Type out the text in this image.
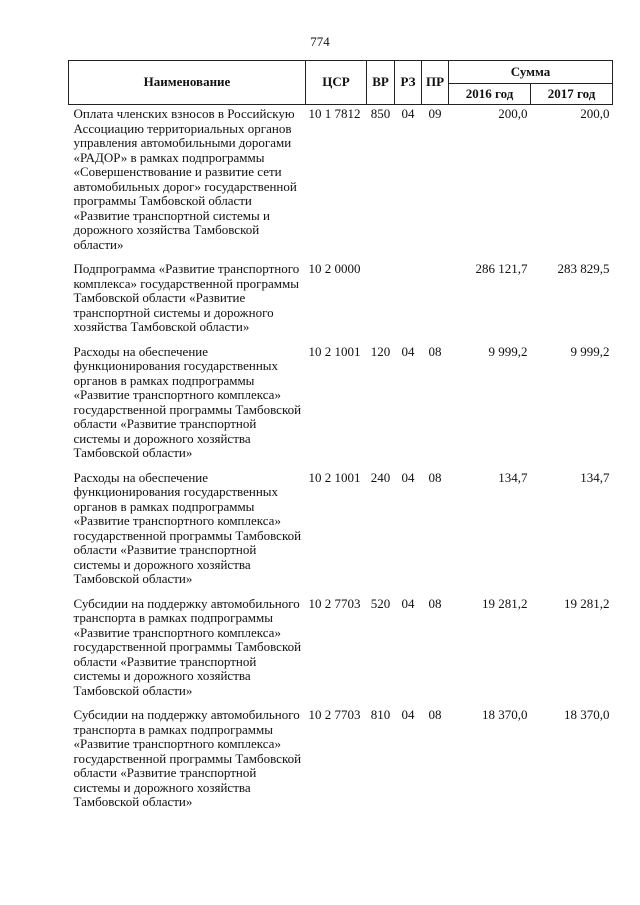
774
Наименование	ЦСР	ВР	РЗ	ПР	Сумма	
					2016 год	2017 год
Оплата членских взносов в Российскую Ассоциацию территориальных органов управления автомобильными дорогами «РАДОР» в рамках подпрограммы «Совершенствование и развитие сети автомобильных дорог» государственной программы Тамбовской области «Развитие транспортной системы и дорожного хозяйства Тамбовской области»	10 1 7812	850	04	09	200,0	200,0
Подпрограмма «Развитие транспортного комплекса» государственной программы Тамбовской области «Развитие транспортной системы и дорожного хозяйства Тамбовской области»	10 2 0000				286 121,7	283 829,5
Расходы на обеспечение функционирования государственных органов в рамках подпрограммы «Развитие транспортного комплекса» государственной программы Тамбовской области «Развитие транспортной системы и дорожного хозяйства Тамбовской области»	10 2 1001	120	04	08	9 999,2	9 999,2
Расходы на обеспечение функционирования государственных органов в рамках подпрограммы «Развитие транспортного комплекса» государственной программы Тамбовской области «Развитие транспортной системы и дорожного хозяйства Тамбовской области»	10 2 1001	240	04	08	134,7	134,7
Субсидии на поддержку автомобильного транспорта в рамках подпрограммы «Развитие транспортного комплекса» государственной программы Тамбовской области «Развитие транспортной системы и дорожного хозяйства Тамбовской области»	10 2 7703	520	04	08	19 281,2	19 281,2
Субсидии на поддержку автомобильного транспорта в рамках подпрограммы «Развитие транспортного комплекса» государственной программы Тамбовской области «Развитие транспортной системы и дорожного хозяйства Тамбовской области»	10 2 7703	810	04	08	18 370,0	18 370,0
